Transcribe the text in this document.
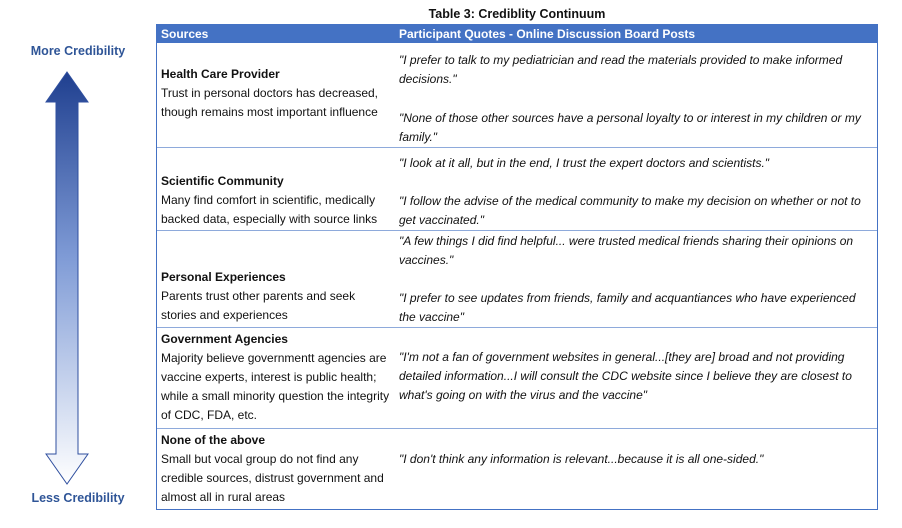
More Credibility
Less Credibility
Table 3: Crediblity Continuum
Sources	Participant Quotes - Online Discussion Board Posts
Health Care Provider
Trust in personal doctors has decreased, though remains most important influence
"I prefer to talk to my pediatrician and read the materials provided to make informed decisions."
"None of those other sources have a personal loyalty to or interest in my children or my family."
Scientific Community
Many find comfort in scientific, medically backed data, especially with source links
"I look at it all, but in the end, I trust the expert doctors and scientists."
"I follow the advise of the medical community to make my decision on whether or not to get vaccinated."
Personal Experiences
Parents trust other parents and seek stories and experiences
"A few things I did find helpful... were trusted medical friends sharing their opinions on vaccines."
"I prefer to see updates from friends, family and acquantiances who have experienced the vaccine"
Government Agencies
Majority believe governmentt agencies are vaccine experts, interest is public health; while a small minority question the integrity of CDC, FDA, etc.
"I'm not a fan of government websites in general...[they are] broad and not providing detailed information...I will consult the CDC website since I believe they are closest to what's going on with the virus and the vaccine"
None of the above
Small but vocal group do not find any credible sources, distrust government and almost all in rural areas
"I don't think any information is relevant...because it is all one-sided."
